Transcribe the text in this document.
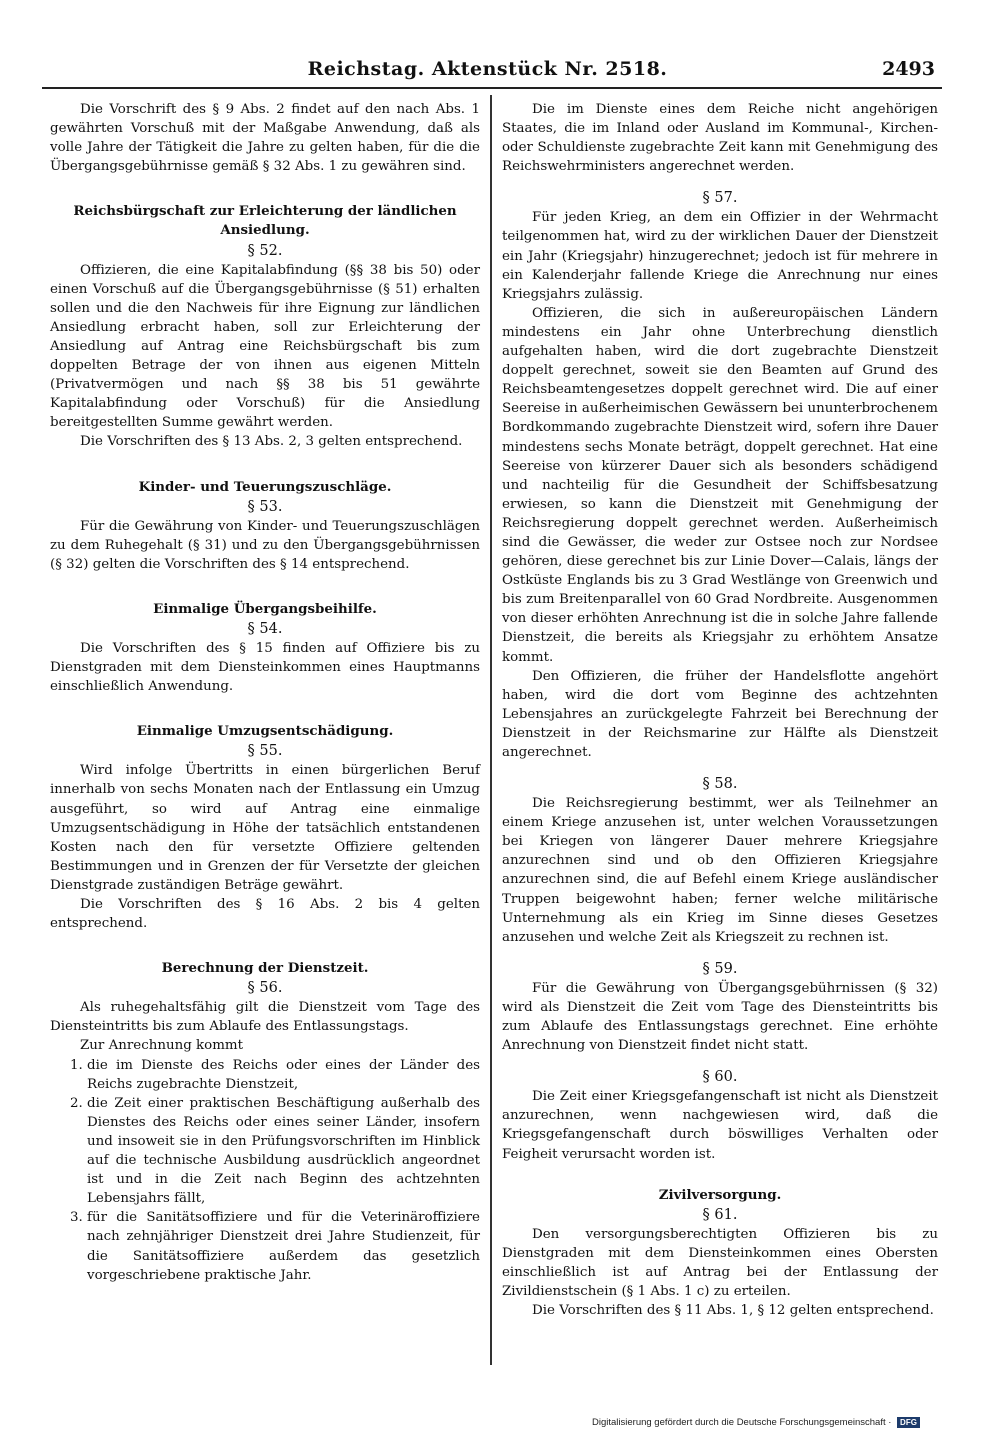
Reichstag. Aktenstück Nr. 2518.	2493

Die Vorschrift des § 9 Abs. 2 findet auf den nach Abs. 1 gewährten Vorschuß mit der Maßgabe Anwendung, daß als volle Jahre der Tätigkeit die Jahre zu gelten haben, für die die Übergangsgebührnisse gemäß § 32 Abs. 1 zu gewähren sind.

Reichsbürgschaft zur Erleichterung der ländlichen Ansiedlung.
§ 52.

Offizieren, die eine Kapitalabfindung (§§ 38 bis 50) oder einen Vorschuß auf die Übergangsgebührnisse (§ 51) erhalten sollen und die den Nachweis für ihre Eignung zur ländlichen Ansiedlung erbracht haben, soll zur Erleichterung der Ansiedlung auf Antrag eine Reichsbürgschaft bis zum doppelten Betrage der von ihnen aus eigenen Mitteln (Privatvermögen und nach §§ 38 bis 51 gewährte Kapitalabfindung oder Vorschuß) für die Ansiedlung bereitgestellten Summe gewährt werden.

Die Vorschriften des § 13 Abs. 2, 3 gelten entsprechend.

Kinder- und Teuerungszuschläge.
§ 53.

Für die Gewährung von Kinder- und Teuerungszuschlägen zu dem Ruhegehalt (§ 31) und zu den Übergangsgebührnissen (§ 32) gelten die Vorschriften des § 14 entsprechend.

Einmalige Übergangsbeihilfe.
§ 54.

Die Vorschriften des § 15 finden auf Offiziere bis zu Dienstgraden mit dem Diensteinkommen eines Hauptmanns einschließlich Anwendung.

Einmalige Umzugsentschädigung.
§ 55.

Wird infolge Übertritts in einen bürgerlichen Beruf innerhalb von sechs Monaten nach der Entlassung ein Umzug ausgeführt, so wird auf Antrag eine einmalige Umzugsentschädigung in Höhe der tatsächlich entstandenen Kosten nach den für versetzte Offiziere geltenden Bestimmungen und in Grenzen der für Versetzte der gleichen Dienstgrade zuständigen Beträge gewährt.

Die Vorschriften des § 16 Abs. 2 bis 4 gelten entsprechend.

Berechnung der Dienstzeit.
§ 56.

Als ruhegehaltsfähig gilt die Dienstzeit vom Tage des Diensteintritts bis zum Ablaufe des Entlassungstags.

Zur Anrechnung kommt

1. die im Dienste des Reichs oder eines der Länder des Reichs zugebrachte Dienstzeit,
2. die Zeit einer praktischen Beschäftigung außerhalb des Dienstes des Reichs oder eines seiner Länder, insofern und insoweit sie in den Prüfungsvorschriften im Hinblick auf die technische Ausbildung ausdrücklich angeordnet ist und in die Zeit nach Beginn des achtzehnten Lebensjahrs fällt,
3. für die Sanitätsoffiziere und für die Veterinäroffiziere nach zehnjähriger Dienstzeit drei Jahre Studienzeit, für die Sanitätsoffiziere außerdem das gesetzlich vorgeschriebene praktische Jahr.

Die im Dienste eines dem Reiche nicht angehörigen Staates, die im Inland oder Ausland im Kommunal-, Kirchen- oder Schuldienste zugebrachte Zeit kann mit Genehmigung des Reichswehrministers angerechnet werden.

§ 57.

Für jeden Krieg, an dem ein Offizier in der Wehrmacht teilgenommen hat, wird zu der wirklichen Dauer der Dienstzeit ein Jahr (Kriegsjahr) hinzugerechnet; jedoch ist für mehrere in ein Kalenderjahr fallende Kriege die Anrechnung nur eines Kriegsjahrs zulässig.

Offizieren, die sich in außereuropäischen Ländern mindestens ein Jahr ohne Unterbrechung dienstlich aufgehalten haben, wird die dort zugebrachte Dienstzeit doppelt gerechnet, soweit sie den Beamten auf Grund des Reichsbeamtengesetzes doppelt gerechnet wird. Die auf einer Seereise in außerheimischen Gewässern bei ununterbrochenem Bordkommando zugebrachte Dienstzeit wird, sofern ihre Dauer mindestens sechs Monate beträgt, doppelt gerechnet. Hat eine Seereise von kürzerer Dauer sich als besonders schädigend und nachteilig für die Gesundheit der Schiffsbesatzung erwiesen, so kann die Dienstzeit mit Genehmigung der Reichsregierung doppelt gerechnet werden. Außerheimisch sind die Gewässer, die weder zur Ostsee noch zur Nordsee gehören, diese gerechnet bis zur Linie Dover—Calais, längs der Ostküste Englands bis zu 3 Grad Westlänge von Greenwich und bis zum Breitenparallel von 60 Grad Nordbreite. Ausgenommen von dieser erhöhten Anrechnung ist die in solche Jahre fallende Dienstzeit, die bereits als Kriegsjahr zu erhöhtem Ansatze kommt.

Den Offizieren, die früher der Handelsflotte angehört haben, wird die dort vom Beginne des achtzehnten Lebensjahres an zurückgelegte Fahrzeit bei Berechnung der Dienstzeit in der Reichsmarine zur Hälfte als Dienstzeit angerechnet.

§ 58.

Die Reichsregierung bestimmt, wer als Teilnehmer an einem Kriege anzusehen ist, unter welchen Voraussetzungen bei Kriegen von längerer Dauer mehrere Kriegsjahre anzurechnen sind und ob den Offizieren Kriegsjahre anzurechnen sind, die auf Befehl einem Kriege ausländischer Truppen beigewohnt haben; ferner welche militärische Unternehmung als ein Krieg im Sinne dieses Gesetzes anzusehen und welche Zeit als Kriegszeit zu rechnen ist.

§ 59.

Für die Gewährung von Übergangsgebührnissen (§ 32) wird als Dienstzeit die Zeit vom Tage des Diensteintritts bis zum Ablaufe des Entlassungstags gerechnet. Eine erhöhte Anrechnung von Dienstzeit findet nicht statt.

§ 60.

Die Zeit einer Kriegsgefangenschaft ist nicht als Dienstzeit anzurechnen, wenn nachgewiesen wird, daß die Kriegsgefangenschaft durch böswilliges Verhalten oder Feigheit verursacht worden ist.

Zivilversorgung.
§ 61.

Den versorgungsberechtigten Offizieren bis zu Dienstgraden mit dem Diensteinkommen eines Obersten einschließlich ist auf Antrag bei der Entlassung der Zivildienstschein (§ 1 Abs. 1 c) zu erteilen.

Die Vorschriften des § 11 Abs. 1, § 12 gelten entsprechend.

Digitalisierung gefördert durch die Deutsche Forschungsgemeinschaft · DFG
